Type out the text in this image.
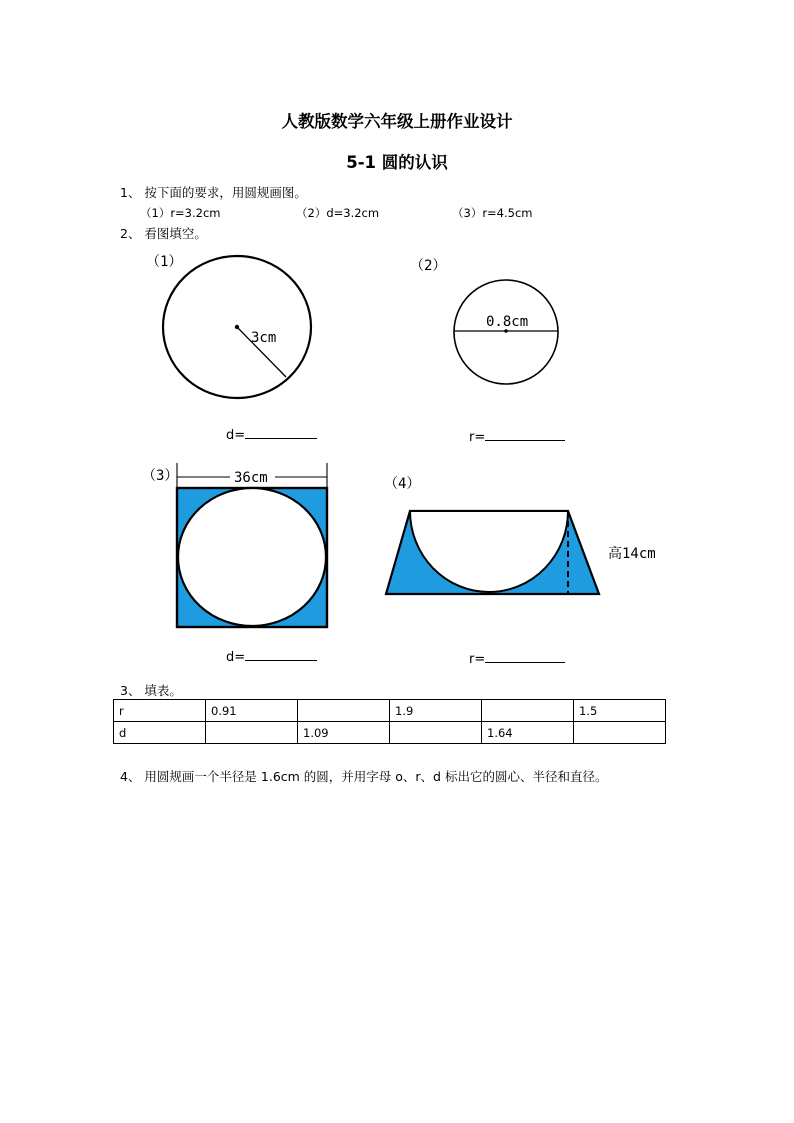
人教版数学六年级上册作业设计
5-1 圆的认识
1、 按下面的要求，用圆规画图。
（1）r=3.2cm	（2）d=3.2cm	（3）r=4.5cm
2、 看图填空。
（1）	（2）
（3）	（4）
3cm
0.8cm
36cm
高14cm
d=	r=
d=	r=
3、 填表。
r	0.91		1.9		1.5
d		1.09		1.64	
4、 用圆规画一个半径是 1.6cm 的圆，并用字母 o、r、d 标出它的圆心、半径和直径。
